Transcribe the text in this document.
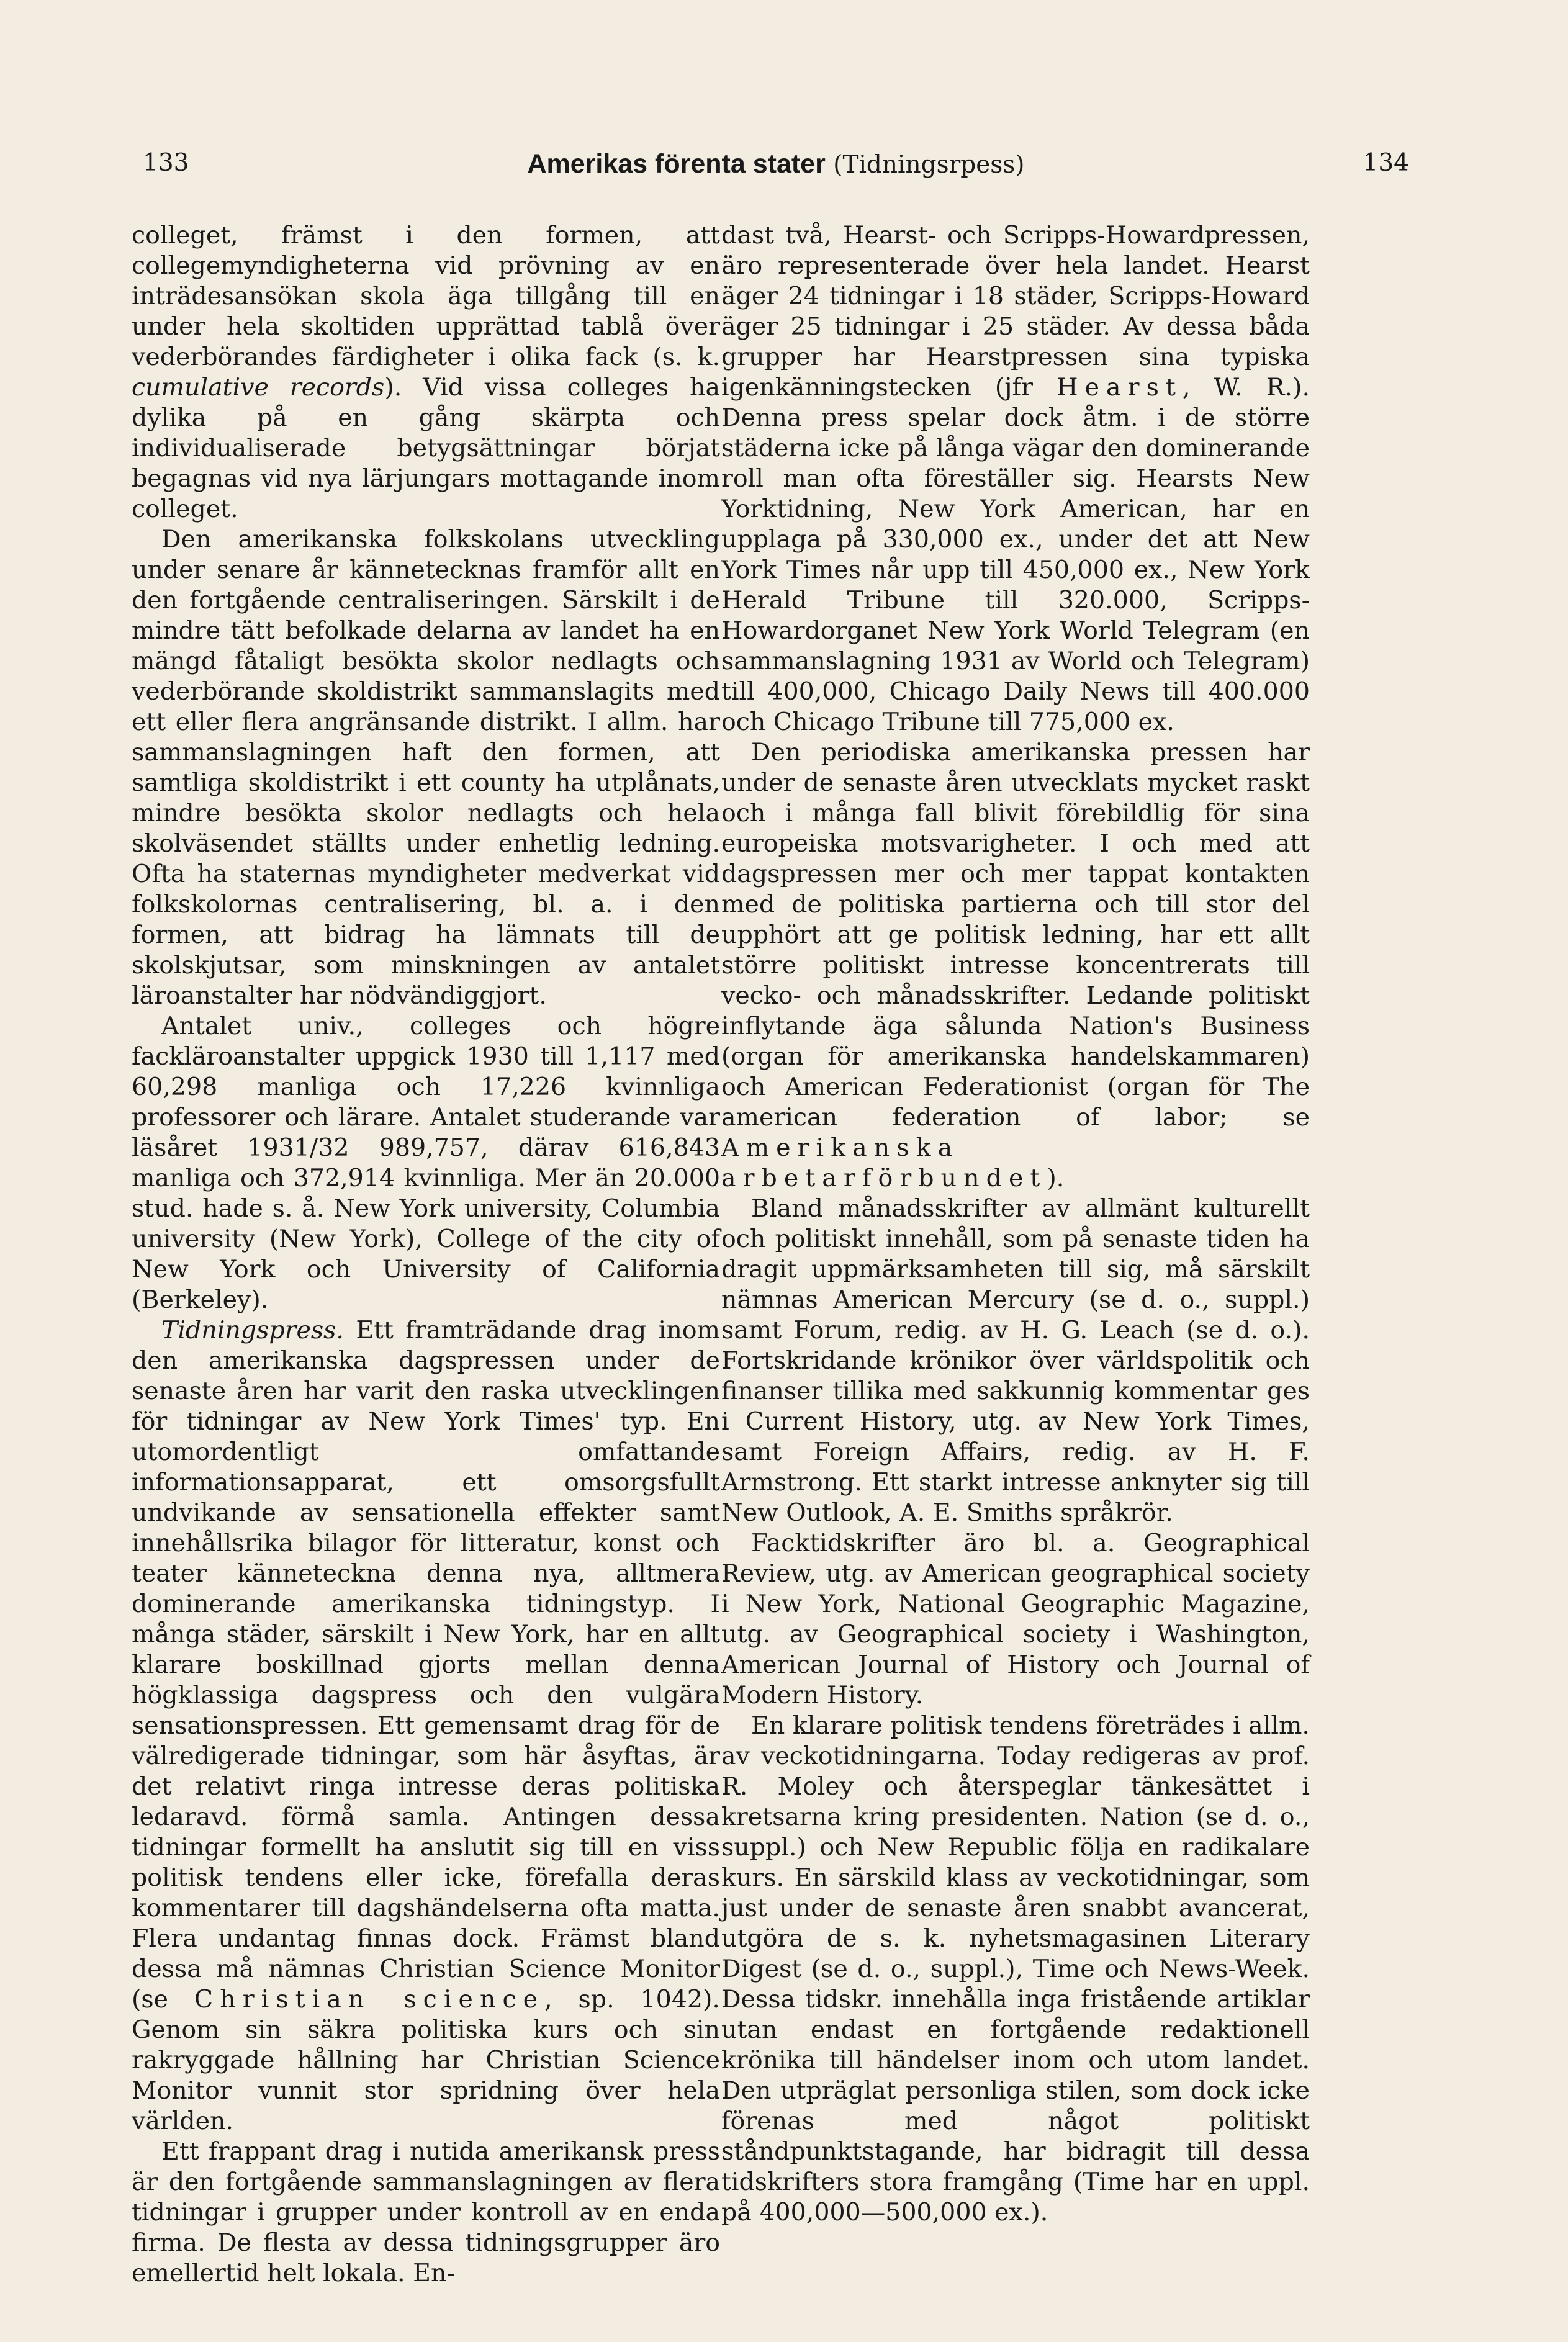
133	Amerikas förenta stater (Tidningsrpess)	134

colleget, främst i den formen, att collegemyndigheterna vid prövning av en inträdesansökan skola äga tillgång till en under hela skoltiden upprättad tablå över vederbörandes färdigheter i olika fack (s. k. cumulative records). Vid vissa colleges ha dylika på en gång skärpta och individualiserade betygsättningar börjat begagnas vid nya lärjungars mottagande inom colleget.

Den amerikanska folkskolans utveckling under senare år kännetecknas framför allt en den fortgående centraliseringen. Särskilt i de mindre tätt befolkade delarna av landet ha en mängd fåtaligt besökta skolor nedlagts och vederbörande skoldistrikt sammanslagits med ett eller flera angränsande distrikt. I allm. har sammanslagningen haft den formen, att samtliga skoldistrikt i ett county ha utplånats, mindre besökta skolor nedlagts och hela skolväsendet ställts under enhetlig ledning. Ofta ha staternas myndigheter medverkat vid folkskolornas centralisering, bl. a. i den formen, att bidrag ha lämnats till de skolskjutsar, som minskningen av antalet läroanstalter har nödvändiggjort.

Antalet univ., colleges och högre fackläroanstalter uppgick 1930 till 1,117 med 60,298 manliga och 17,226 kvinnliga professorer och lärare. Antalet studerande var läsåret 1931/32 989,757, därav 616,843 manliga och 372,914 kvinnliga. Mer än 20.000 stud. hade s. å. New York university, Columbia university (New York), College of the city of New York och University of California (Berkeley).

Tidningspress. Ett framträdande drag inom den amerikanska dagspressen under de senaste åren har varit den raska utvecklingen för tidningar av New York Times' typ. En utomordentligt omfattande informationsapparat, ett omsorgsfullt undvikande av sensationella effekter samt innehållsrika bilagor för litteratur, konst och teater känneteckna denna nya, alltmera dominerande amerikanska tidningstyp. I många städer, särskilt i New York, har en allt klarare boskillnad gjorts mellan denna högklassiga dagspress och den vulgära sensationspressen. Ett gemensamt drag för de välredigerade tidningar, som här åsyftas, är det relativt ringa intresse deras politiska ledaravd. förmå samla. Antingen dessa tidningar formellt ha anslutit sig till en viss politisk tendens eller icke, förefalla deras kommentarer till dagshändelserna ofta matta. Flera undantag finnas dock. Främst bland dessa må nämnas Christian Science Monitor (se Christian science, sp. 1042). Genom sin säkra politiska kurs och sin rakryggade hållning har Christian Science Monitor vunnit stor spridning över hela världen.

Ett frappant drag i nutida amerikansk press är den fortgående sammanslagningen av flera tidningar i grupper under kontroll av en enda firma. De flesta av dessa tidningsgrupper äro emellertid helt lokala. En-

dast två, Hearst- och Scripps-Howardpressen, äro representerade över hela landet. Hearst äger 24 tidningar i 18 städer, Scripps-Howard äger 25 tidningar i 25 städer. Av dessa båda grupper har Hearstpressen sina typiska igenkänningstecken (jfr Hearst, W. R.). Denna press spelar dock åtm. i de större städerna icke på långa vägar den dominerande roll man ofta föreställer sig. Hearsts New Yorktidning, New York American, har en upplaga på 330,000 ex., under det att New York Times når upp till 450,000 ex., New York Herald Tribune till 320.000, Scripps-Howardorganet New York World Telegram (en sammanslagning 1931 av World och Telegram) till 400,000, Chicago Daily News till 400.000 och Chicago Tribune till 775,000 ex.

Den periodiska amerikanska pressen har under de senaste åren utvecklats mycket raskt och i många fall blivit förebildlig för sina europeiska motsvarigheter. I och med att dagspressen mer och mer tappat kontakten med de politiska partierna och till stor del upphört att ge politisk ledning, har ett allt större politiskt intresse koncentrerats till vecko- och månadsskrifter. Ledande politiskt inflytande äga sålunda Nation's Business (organ för amerikanska handelskammaren) och American Federationist (organ för The american federation of labor; se Amerikanska arbetarförbundet).

Bland månadsskrifter av allmänt kulturellt och politiskt innehåll, som på senaste tiden ha dragit uppmärksamheten till sig, må särskilt nämnas American Mercury (se d. o., suppl.) samt Forum, redig. av H. G. Leach (se d. o.). Fortskridande krönikor över världspolitik och finanser tillika med sakkunnig kommentar ges i Current History, utg. av New York Times, samt Foreign Affairs, redig. av H. F. Armstrong. Ett starkt intresse anknyter sig till New Outlook, A. E. Smiths språkrör.

Facktidskrifter äro bl. a. Geographical Review, utg. av American geographical society i New York, National Geographic Magazine, utg. av Geographical society i Washington, American Journal of History och Journal of Modern History.

En klarare politisk tendens företrädes i allm. av veckotidningarna. Today redigeras av prof. R. Moley och återspeglar tänkesättet i kretsarna kring presidenten. Nation (se d. o., suppl.) och New Republic följa en radikalare kurs. En särskild klass av veckotidningar, som just under de senaste åren snabbt avancerat, utgöra de s. k. nyhetsmagasinen Literary Digest (se d. o., suppl.), Time och News-Week. Dessa tidskr. innehålla inga fristående artiklar utan endast en fortgående redaktionell krönika till händelser inom och utom landet. Den utpräglat personliga stilen, som dock icke förenas med något politiskt ståndpunktstagande, har bidragit till dessa tidskrifters stora framgång (Time har en uppl. på 400,000—500,000 ex.).
